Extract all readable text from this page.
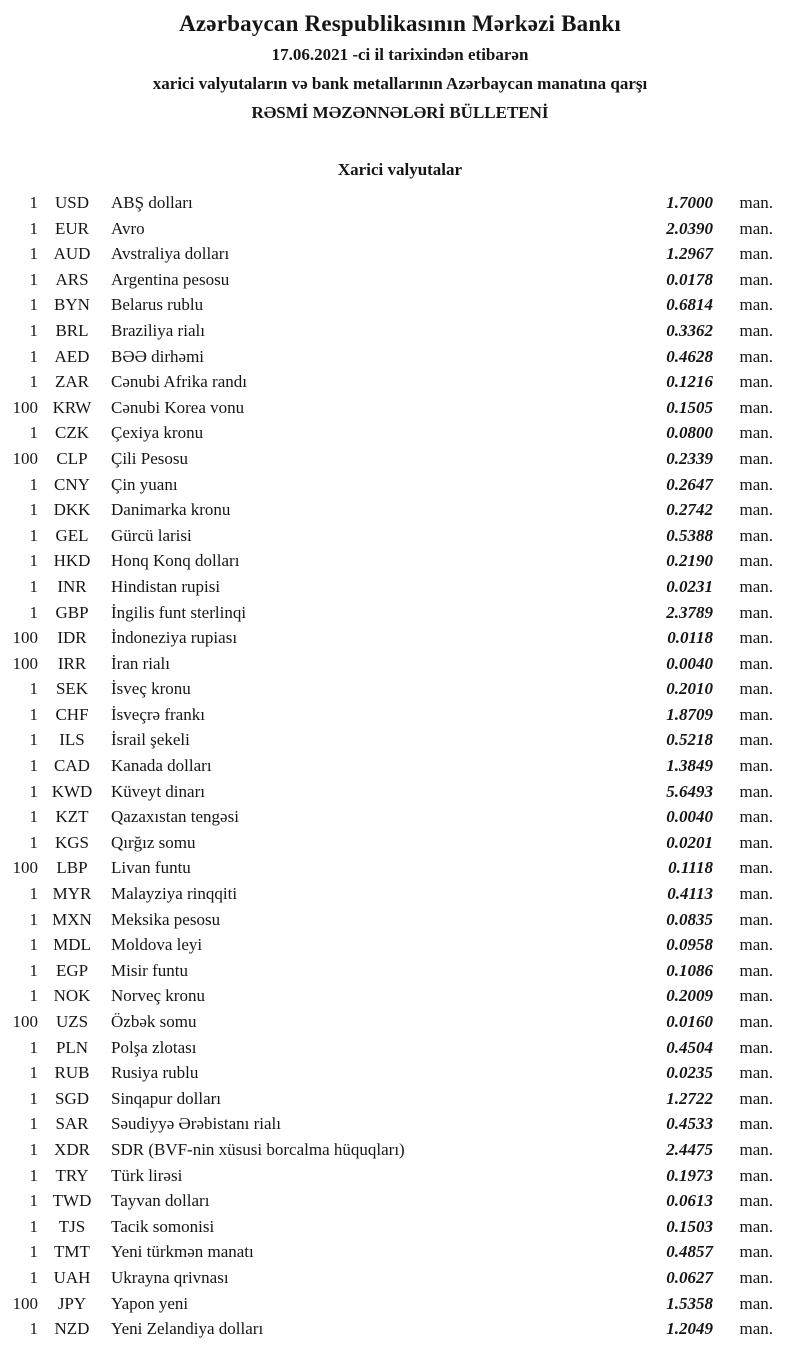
Azərbaycan Respublikasının Mərkəzi Bankı
17.06.2021 -ci il tarixindən etibarən
xarici valyutaların və bank metallarının Azərbaycan manatına qarşı
RƏSMİ MƏZƏNNƏLƏRİ BÜLLETENİ
Xarici valyutalar
1 USD	ABŞ dolları	1.7000	man.
1	EUR	Avro	2.0390	man.
1 AUD	Avstraliya dolları	1.2967	man.
1	ARS	Argentina pesosu	0.0178	man.
1 BYN	Belarus rublu	0.6814	man.
1	BRL	Braziliya rialı	0.3362	man.
1 AED	BƏƏ dirhəmi	0.4628	man.
1	ZAR	Cənubi Afrika randı	0.1216	man.
100 KRW	Cənubi Korea vonu	0.1505	man.
1	CZK	Çexiya kronu	0.0800	man.
100	CLP	Çili Pesosu	0.2339	man.
1 CNY	Çin yuanı	0.2647	man.
1 DKK	Danimarka kronu	0.2742	man.
1	GEL	Gürcü larisi	0.5388	man.
1 HKD	Honq Konq dolları	0.2190	man.
1	INR	Hindistan rupisi	0.0231	man.
1	GBP	İngilis funt sterlinqi	2.3789	man.
100	IDR	İndoneziya rupiası	0.0118	man.
100	IRR	İran rialı	0.0040	man.
1	SEK	İsveç kronu	0.2010	man.
1	CHF	İsveçrə frankı	1.8709	man.
1	ILS	İsrail şekeli	0.5218	man.
1 CAD	Kanada dolları	1.3849	man.
1 KWD	Küveyt dinarı	5.6493	man.
1	KZT	Qazaxıstan tengəsi	0.0040	man.
1 KGS	Qırğız somu	0.0201	man.
100	LBP	Livan funtu	0.1118	man.
1 MYR	Malayziya rinqqiti	0.4113	man.
1 MXN	Meksika pesosu	0.0835	man.
1 MDL	Moldova leyi	0.0958	man.
1	EGP	Misir funtu	0.1086	man.
1 NOK	Norveç kronu	0.2009	man.
100	UZS	Özbək somu	0.0160	man.
1	PLN	Polşa zlotası	0.4504	man.
1 RUB	Rusiya rublu	0.0235	man.
1 SGD	Sinqapur dolları	1.2722	man.
1	SAR	Səudiyyə Ərəbistanı rialı	0.4533	man.
1 XDR	SDR (BVF-nin xüsusi borcalma hüquqları)	2.4475	man.
1	TRY	Türk lirəsi	0.1973	man.
1 TWD	Tayvan dolları	0.0613	man.
1	TJS	Tacik somonisi	0.1503	man.
1 TMT	Yeni türkmən manatı	0.4857	man.
1 UAH	Ukrayna qrivnası	0.0627	man.
100	JPY	Yapon yeni	1.5358	man.
1 NZD	Yeni Zelandiya dolları	1.2049	man.
